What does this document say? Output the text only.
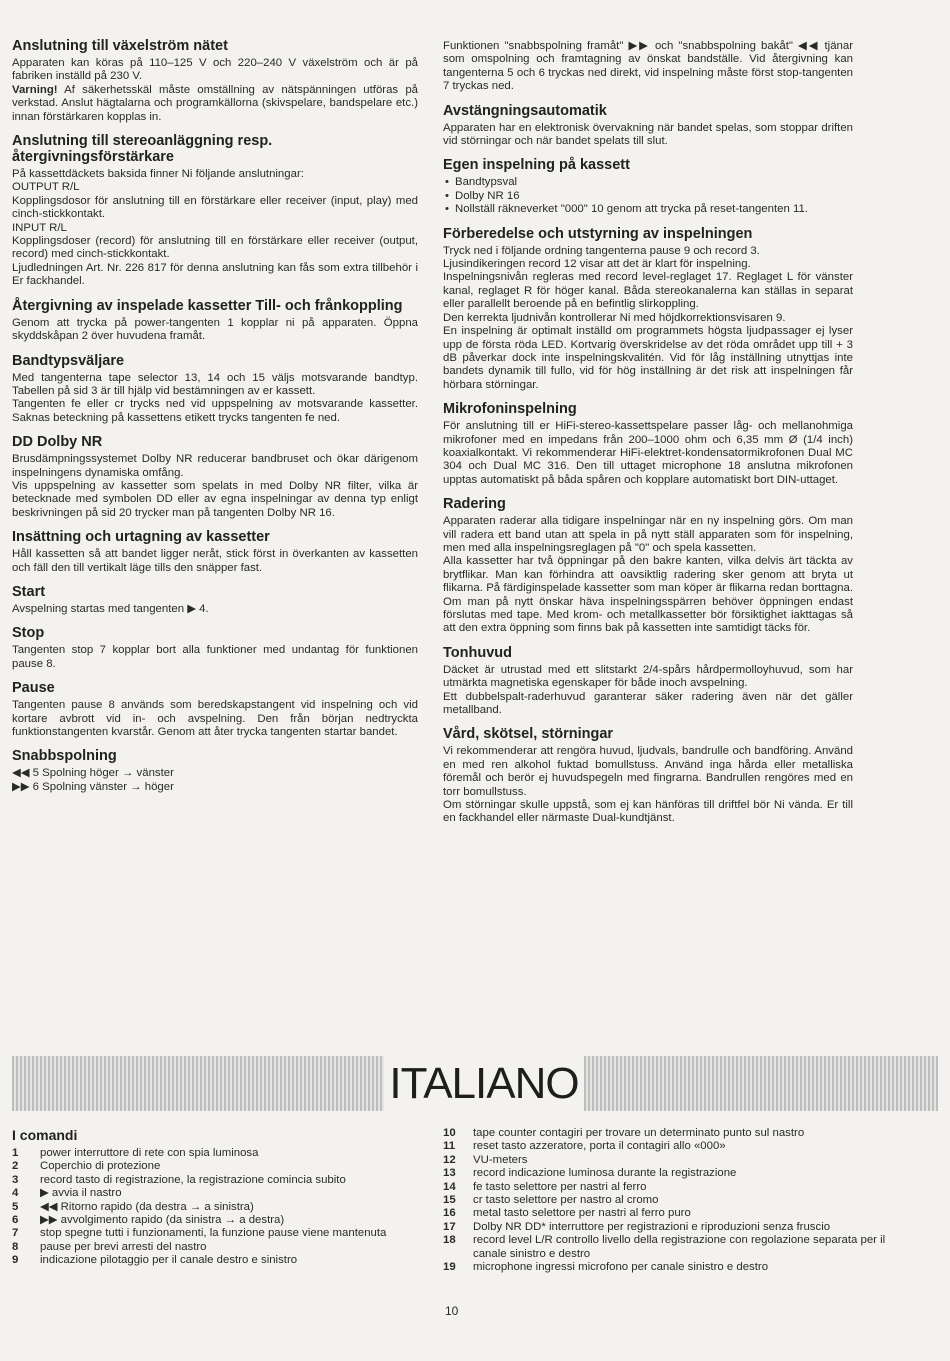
Anslutning till växelström nätet

Apparaten kan köras på 110–125 V och 220–240 V växelström och är på fabriken inställd på 230 V.

Varning! Af säkerhetsskäl måste omställning av nätspänningen utföras på verkstad. Anslut hägtalarna och programkällorna (skivspelare, bandspelare etc.) innan förstärkaren kopplas in.

Anslutning till stereoanläggning resp. återgivningsförstärkare

På kassettdäckets baksida finner Ni följande anslutningar:

OUTPUT R/L

Kopplingsdosor för anslutning till en förstärkare eller receiver (input, play) med cinch-stickkontakt.

INPUT R/L

Kopplingsdoser (record) för anslutning till en förstärkare eller receiver (output, record) med cinch-stickkontakt.

Ljudledningen Art. Nr. 226 817 för denna anslutning kan fås som extra tillbehör i Er fackhandel.

Återgivning av inspelade kassetter Till- och frånkoppling

Genom att trycka på power-tangenten 1 kopplar ni på apparaten. Öppna skyddskåpan 2 över huvudena framåt.

Bandtypsväljare

Med tangenterna tape selector 13, 14 och 15 väljs motsvarande bandtyp. Tabellen på sid 3 är till hjälp vid bestämningen av er kassett.

Tangenten fe eller cr trycks ned vid uppspelning av motsvarande kassetter. Saknas beteckning på kassettens etikett trycks tangenten fe ned.

DD Dolby NR

Brusdämpningssystemet Dolby NR reducerar bandbruset och ökar därigenom inspelningens dynamiska omfång.

Vis uppspelning av kassetter som spelats in med Dolby NR filter, vilka är betecknade med symbolen DD eller av egna inspelningar av denna typ enligt beskrivningen på sid 20 trycker man på tangenten Dolby NR 16.

Insättning och urtagning av kassetter

Håll kassetten så att bandet ligger neråt, stick först in överkanten av kassetten och fäll den till vertikalt läge tills den snäpper fast.

Start

Avspelning startas med tangenten ▶ 4.

Stop

Tangenten stop 7 kopplar bort alla funktioner med undantag för funktionen pause 8.

Pause

Tangenten pause 8 används som beredskapstangent vid inspelning och vid kortare avbrott vid in- och avspelning. Den från början nedtryckta funktionstangenten kvarstår. Genom att åter trycka tangenten startar bandet.

Snabbspolning

◀◀ 5 Spolning höger → vänster

▶▶ 6 Spolning vänster → höger

Funktionen "snabbspolning framåt" ▶▶ och "snabbspolning bakåt" ◀◀ tjänar som omspolning och framtagning av önskat bandställe. Vid återgivning kan tangenterna 5 och 6 tryckas ned direkt, vid inspelning måste först stop-tangenten 7 tryckas ned.

Avstängningsautomatik

Apparaten har en elektronisk övervakning när bandet spelas, som stoppar driften vid störningar och när bandet spelats till slut.

Egen inspelning på kassett
• Bandtypsval
• Dolby NR 16
• Nollställ räkneverket "000" 10 genom att trycka på reset-tangenten 11.
Förberedelse och utstyrning av inspelningen

Tryck ned i följande ordning tangenterna pause 9 och record 3.

Ljusindikeringen record 12 visar att det är klart för inspelning.

Inspelningsnivån regleras med record level-reglaget 17. Reglaget L för vänster kanal, reglaget R för höger kanal. Båda stereokanalerna kan ställas in separat eller parallellt beroende på en befintlig slirkoppling.

Den kerrekta ljudnivån kontrollerar Ni med höjdkorrektionsvisaren 9.

En inspelning är optimalt inställd om programmets högsta ljudpassager ej lyser upp de första röda LED. Kortvarig överskridelse av det röda området upp till + 3 dB påverkar dock inte inspelningskvalitén. Vid för låg inställning utnyttjas inte bandets dynamik till fullo, vid för hög inställning är det risk att inspelningen får hörbara störningar.

Mikrofoninspelning

För anslutning till er HiFi-stereo-kassettspelare passer låg- och mellanohmiga mikrofoner med en impedans från 200–1000 ohm och 6,35 mm Ø (1/4 inch) koaxialkontakt. Vi rekommenderar HiFi-elektret-kondensatormikrofonen Dual MC 304 och Dual MC 316. Den till uttaget microphone 18 anslutna mikrofonen upptas automatiskt på båda spåren och kopplare automatiskt bort DIN-uttaget.

Radering

Apparaten raderar alla tidigare inspelningar när en ny inspelning görs. Om man vill radera ett band utan att spela in på nytt ställ apparaten som för inspelning, men med alla inspelningsreglagen på "0" och spela kassetten.

Alla kassetter har två öppningar på den bakre kanten, vilka delvis ärt täckta av brytflikar. Man kan förhindra att oavsiktlig radering sker genom att bryta ut flikarna. På färdiginspelade kassetter som man köper är flikarna redan borttagna. Om man på nytt önskar häva inspelningsspärren behöver öppningen endast förslutas med tape. Med krom- och metallkassetter bör försiktighet iakttagas så att den extra öppning som finns bak på kassetten inte samtidigt täcks för.

Tonhuvud

Däcket är utrustad med ett slitstarkt 2/4-spårs hårdpermolloyhuvud, som har utmärkta magnetiska egenskaper för både inoch avspelning.

Ett dubbelspalt-raderhuvud garanterar säker radering även när det gäller metallband.

Vård, skötsel, störningar

Vi rekommenderar att rengöra huvud, ljudvals, bandrulle och bandföring. Använd en med ren alkohol fuktad bomullstuss. Använd inga hårda eller metalliska föremål och berör ej huvudspegeln med fingrarna. Bandrullen rengöres med en torr bomullstuss.

Om störningar skulle uppstå, som ej kan hänföras till driftfel bör Ni vända. Er till en fackhandel eller närmaste Dual-kundtjänst.

ITALIANO
I comandi
1	power interruttore di rete con spia luminosa
2	Coperchio di protezione
3	record tasto di registrazione, la registrazione comincia subito
4	▶ avvia il nastro
5	◀◀ Ritorno rapido (da destra → a sinistra)
6	▶▶ avvolgimento rapido (da sinistra → a destra)
7	stop spegne tutti i funzionamenti, la funzione pause viene mantenuta
8	pause per brevi arresti del nastro
9	indicazione pilotaggio per il canale destro e sinistro
10	tape counter contagiri per trovare un determinato punto sul nastro
11	reset tasto azzeratore, porta il contagiri allo «000»
12	VU-meters
13	record indicazione luminosa durante la registrazione
14	fe tasto selettore per nastri al ferro
15	cr tasto selettore per nastro al cromo
16	metal tasto selettore per nastri al ferro puro
17	Dolby NR DD* interruttore per registrazioni e riproduzioni senza fruscio
18	record level L/R controllo livello della registrazione con regolazione separata per il canale sinistro e destro
19	microphone ingressi microfono per canale sinistro e destro
10
